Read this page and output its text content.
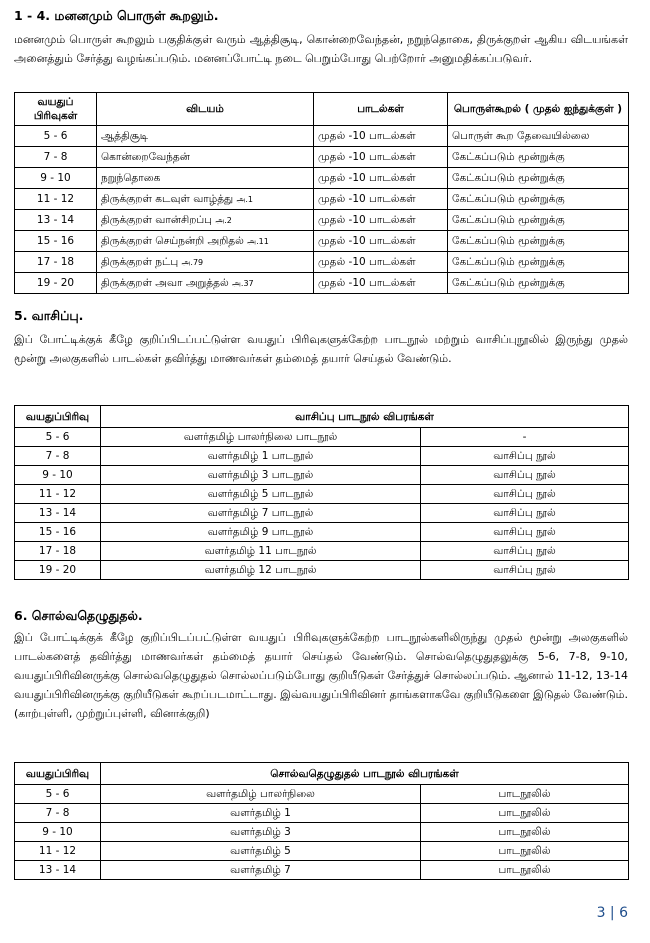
1 - 4. மனனமும் பொருள் கூறலும்.
மனனமும் பொருள் கூறலும் பகுதிக்குள் வரும் ஆத்திசூடி, கொன்றைவேந்தன், நறுந்தொகை, திருக்குறள் ஆகிய விடயங்கள் அனைத்தும் சேர்த்து வழங்கப்படும். மனனப்போட்டி நடை பெறும்போது பெற்றோர் அனுமதிக்கப்படுவர்.
வயதுப் பிரிவுகள்	விடயம்	பாடல்கள்	பொருள்கூறல் ( முதல் ஐந்துக்குள் )
5 - 6	ஆத்திசூடி	முதல் -10 பாடல்கள்	பொருள் கூற தேவையில்லை
7 - 8	கொன்றைவேந்தன்	முதல் -10 பாடல்கள்	கேட்கப்படும் மூன்றுக்கு
9 - 10	நறுந்தொகை	முதல் -10 பாடல்கள்	கேட்கப்படும் மூன்றுக்கு
11 - 12	திருக்குறள் கடவுள் வாழ்த்து அ.1	முதல் -10 பாடல்கள்	கேட்கப்படும் மூன்றுக்கு
13 - 14	திருக்குறள் வான்சிறப்பு அ.2	முதல் -10 பாடல்கள்	கேட்கப்படும் மூன்றுக்கு
15 - 16	திருக்குறள் செய்நன்றி அறிதல் அ.11	முதல் -10 பாடல்கள்	கேட்கப்படும் மூன்றுக்கு
17 - 18	திருக்குறள் நட்பு அ.79	முதல் -10 பாடல்கள்	கேட்கப்படும் மூன்றுக்கு
19 - 20	திருக்குறள் அவா அறுத்தல் அ.37	முதல் -10 பாடல்கள்	கேட்கப்படும் மூன்றுக்கு
5. வாசிப்பு.
இப் போட்டிக்குக் கீழே குறிப்பிடப்பட்டுள்ள வயதுப் பிரிவுகளுக்கேற்ற பாடநூல் மற்றும் வாசிப்புநூலில் இருந்து முதல் மூன்று அலகுகளில் பாடல்கள் தவிர்த்து மாணவர்கள் தம்மைத் தயார் செய்தல் வேண்டும்.
வயதுப்பிரிவு	வாசிப்பு பாடநூல் விபரங்கள்	
5 - 6	வளர்தமிழ் பாலர்நிலை பாடநூல்	-
7 - 8	வளர்தமிழ் 1 பாடநூல்	வாசிப்பு நூல்
9 - 10	வளர்தமிழ் 3 பாடநூல்	வாசிப்பு நூல்
11 - 12	வளர்தமிழ் 5 பாடநூல்	வாசிப்பு நூல்
13 - 14	வளர்தமிழ் 7 பாடநூல்	வாசிப்பு நூல்
15 - 16	வளர்தமிழ் 9 பாடநூல்	வாசிப்பு நூல்
17 - 18	வளர்தமிழ் 11 பாடநூல்	வாசிப்பு நூல்
19 - 20	வளர்தமிழ் 12 பாடநூல்	வாசிப்பு நூல்
6. சொல்வதெழுதுதல்.
இப் போட்டிக்குக் கீழே குறிப்பிடப்பட்டுள்ள வயதுப் பிரிவுகளுக்கேற்ற பாடநூல்களிலிருந்து முதல் மூன்று அலகுகளில் பாடல்களைத் தவிர்த்து மாணவர்கள் தம்மைத் தயார் செய்தல் வேண்டும். சொல்வதெழுதுதலுக்கு 5-6, 7-8, 9-10, வயதுப்பிரிவினருக்கு சொல்வதெழுதுதல் சொல்லப்படும்போது குறியீடுகள் சேர்த்துச் சொல்லப்படும். ஆனால் 11-12, 13-14 வயதுப்பிரிவினருக்கு குறியீடுகள் கூறப்படமாட்டாது. இவ்வயதுப்பிரிவினர் தாங்களாகவே குறியீடுகளை இடுதல் வேண்டும். (காற்புள்ளி, முற்றுப்புள்ளி, வினாக்குறி)
வயதுப்பிரிவு	சொல்வதெழுதுதல் பாடநூல் விபரங்கள்	
5 - 6	வளர்தமிழ் பாலர்நிலை	பாடநூலில்
7 - 8	வளர்தமிழ் 1	பாடநூலில்
9 - 10	வளர்தமிழ் 3	பாடநூலில்
11 - 12	வளர்தமிழ் 5	பாடநூலில்
13 - 14	வளர்தமிழ் 7	பாடநூலில்
3 | 6
